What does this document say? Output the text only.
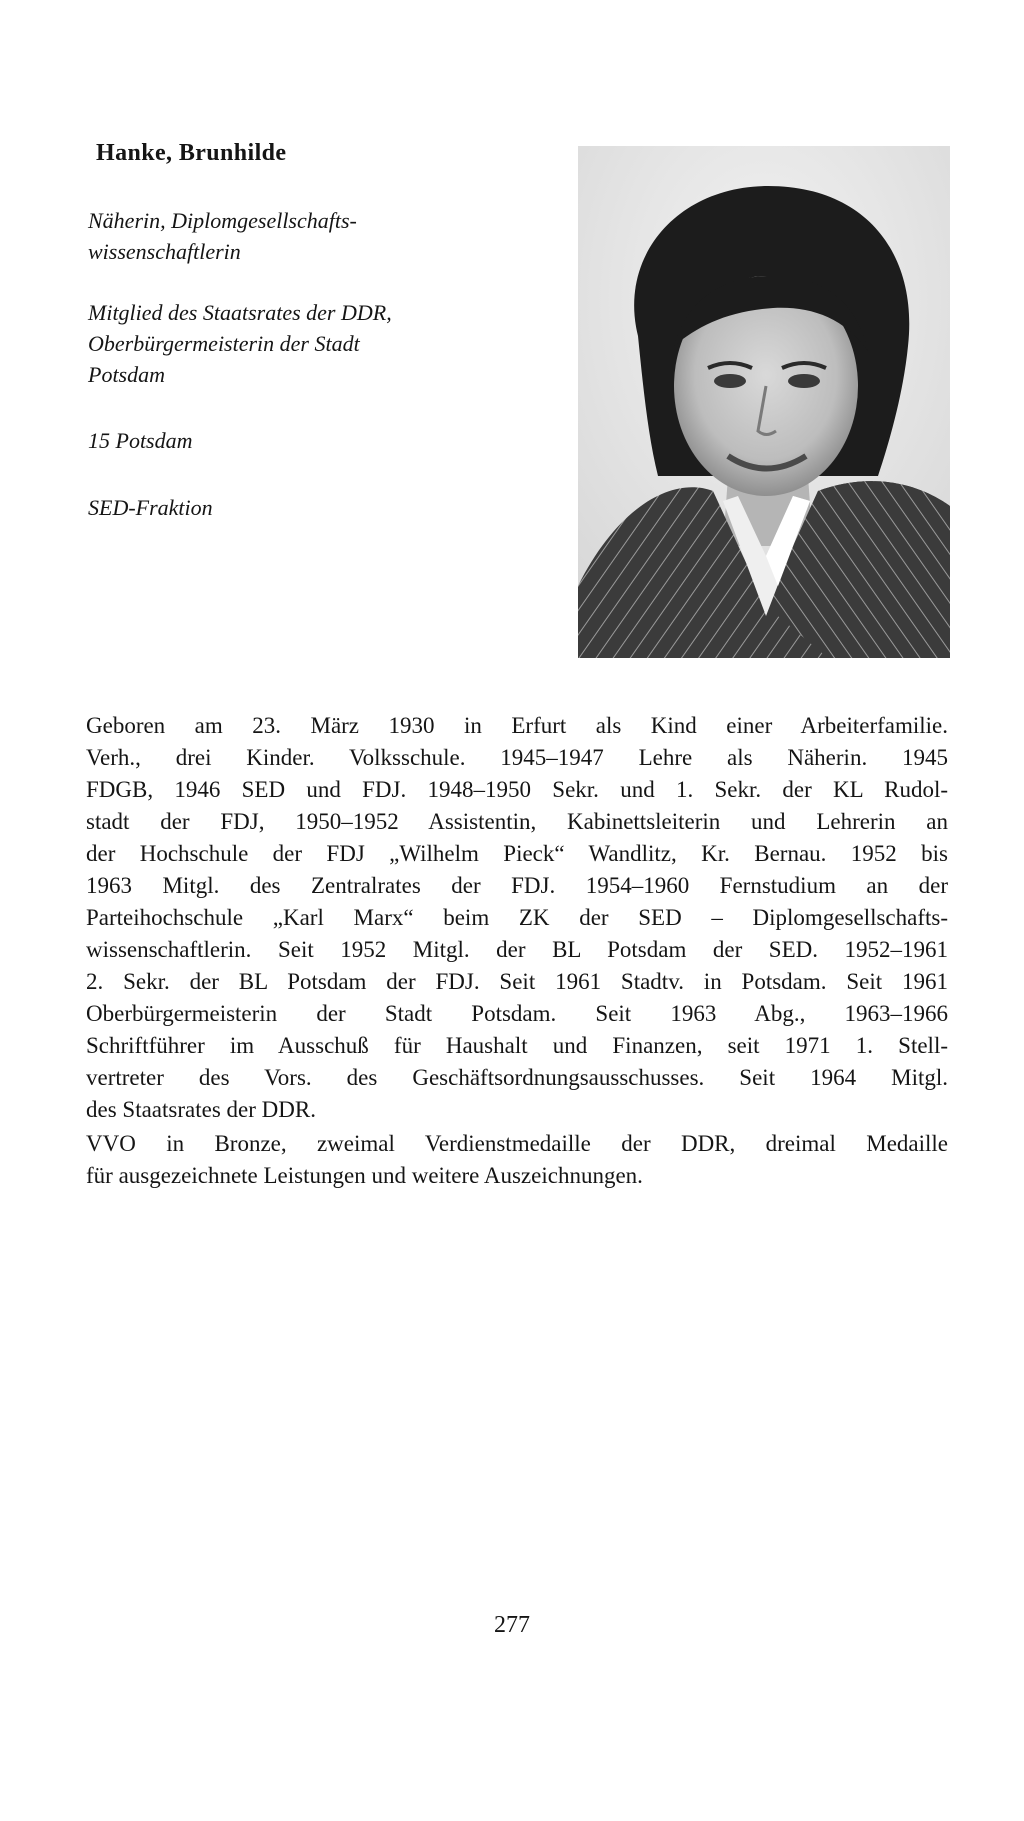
Hanke, Brunhilde
Näherin, Diplomgesellschafts-
wissenschaftlerin
Mitglied des Staatsrates der DDR,
Oberbürgermeisterin der Stadt
Potsdam
15 Potsdam
SED-Fraktion
Geboren am 23. März 1930 in Erfurt als Kind einer Arbeiterfamilie.
Verh., drei Kinder. Volksschule. 1945–1947 Lehre als Näherin. 1945
FDGB, 1946 SED und FDJ. 1948–1950 Sekr. und 1. Sekr. der KL Rudol-
stadt der FDJ, 1950–1952 Assistentin, Kabinettsleiterin und Lehrerin an
der Hochschule der FDJ „Wilhelm Pieck“ Wandlitz, Kr. Bernau. 1952 bis
1963 Mitgl. des Zentralrates der FDJ. 1954–1960 Fernstudium an der
Parteihochschule „Karl Marx“ beim ZK der SED – Diplomgesellschafts-
wissenschaftlerin. Seit 1952 Mitgl. der BL Potsdam der SED. 1952–1961
2. Sekr. der BL Potsdam der FDJ. Seit 1961 Stadtv. in Potsdam. Seit 1961
Oberbürgermeisterin der Stadt Potsdam. Seit 1963 Abg., 1963–1966
Schriftführer im Ausschuß für Haushalt und Finanzen, seit 1971 1. Stell-
vertreter des Vors. des Geschäftsordnungsausschusses. Seit 1964 Mitgl.
des Staatsrates der DDR.
VVO in Bronze, zweimal Verdienstmedaille der DDR, dreimal Medaille
für ausgezeichnete Leistungen und weitere Auszeichnungen.
277
